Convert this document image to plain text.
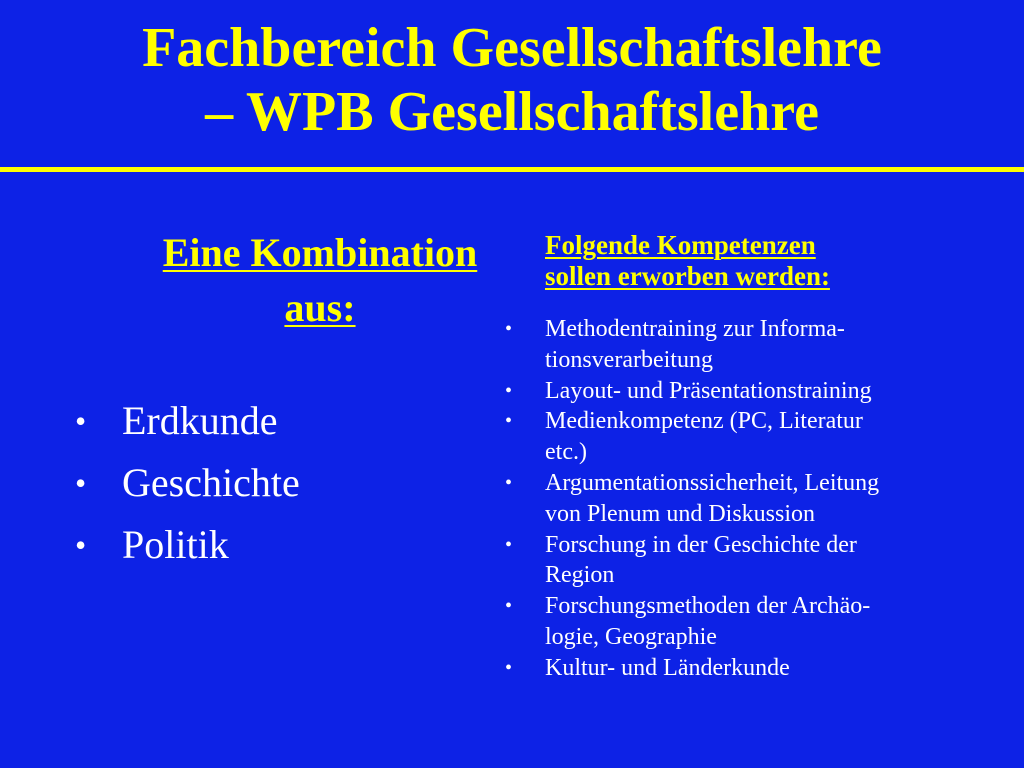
Fachbereich Gesellschaftslehre
– WPB Gesellschaftslehre
Eine Kombination
aus:
• Erdkunde
• Geschichte
• Politik
Folgende Kompetenzen
sollen erworben werden:
• Methodentraining zur Informa-
tionsverarbeitung
• Layout- und Präsentationstraining
• Medienkompetenz (PC, Literatur
etc.)
• Argumentationssicherheit, Leitung
von Plenum und Diskussion
• Forschung in der Geschichte der
Region
• Forschungsmethoden der Archäo-
logie, Geographie
• Kultur- und Länderkunde
